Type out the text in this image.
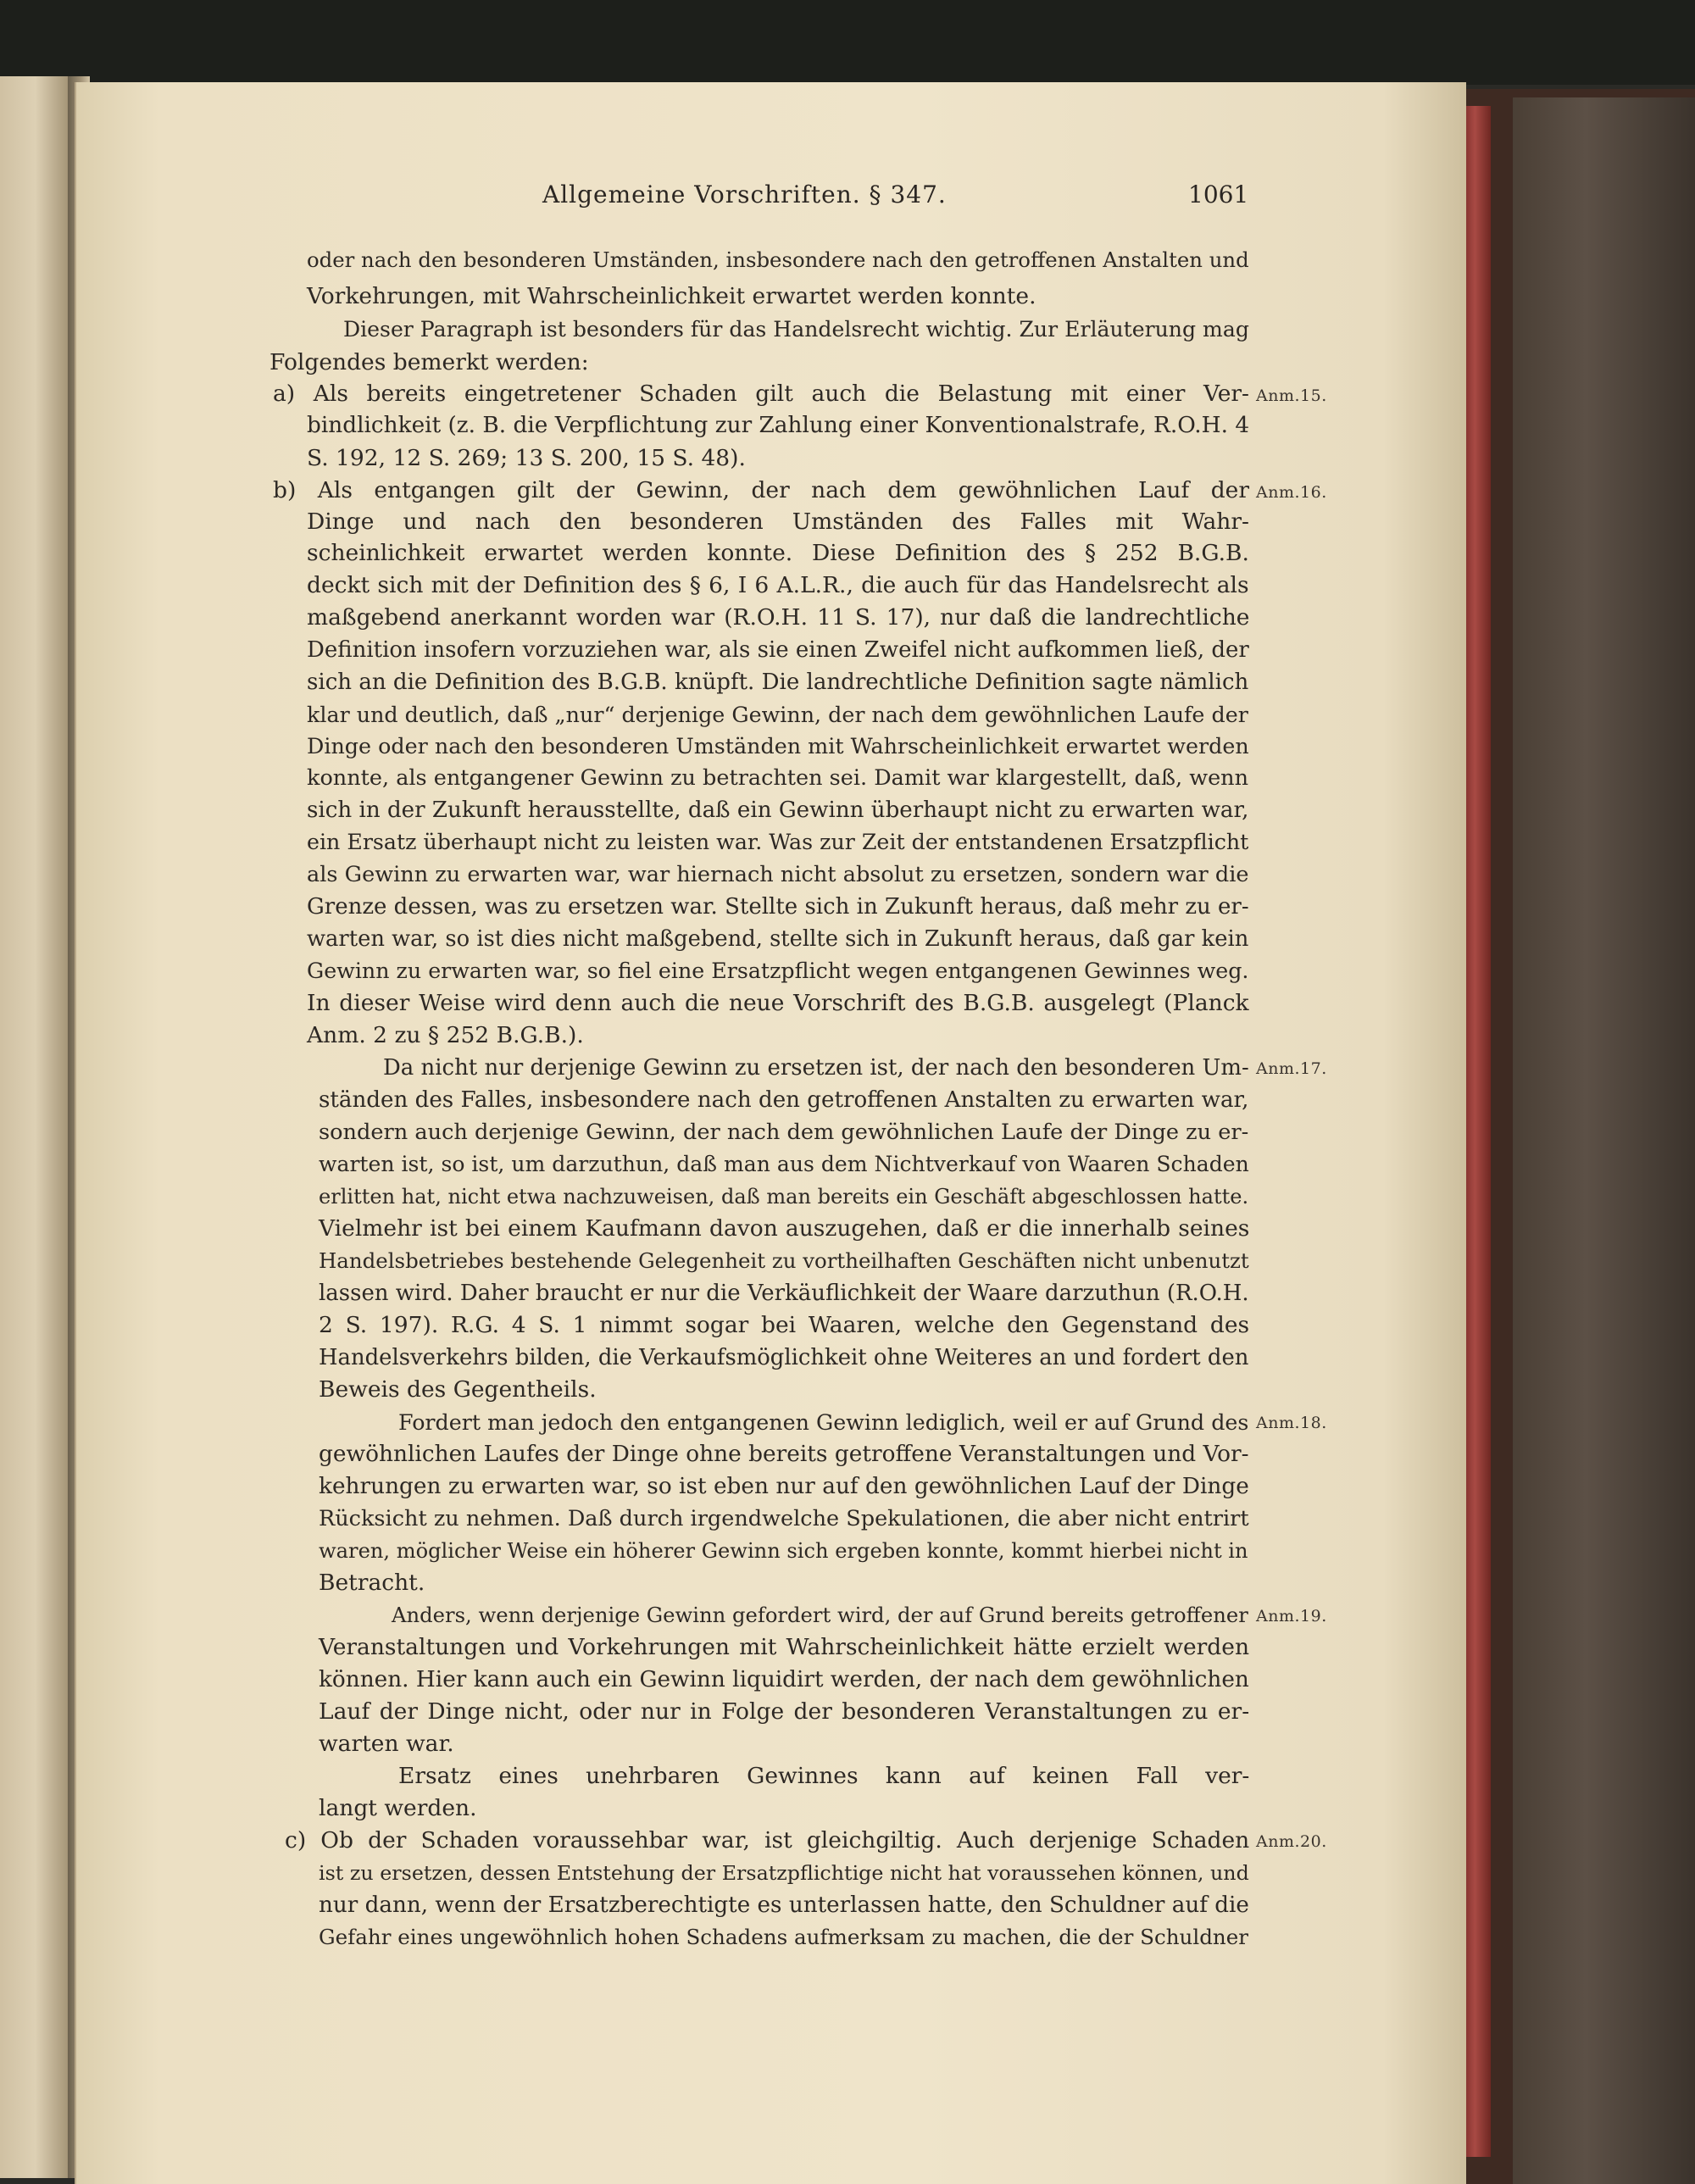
Allgemeine Vorschriften. § 347.	1061
oder nach den besonderen Umständen, insbesondere nach den getroffenen Anstalten und
Vorkehrungen, mit Wahrscheinlichkeit erwartet werden konnte.
Dieser Paragraph ist besonders für das Handelsrecht wichtig. Zur Erläuterung mag
Folgendes bemerkt werden:
a) Als bereits eingetretener Schaden gilt auch die Belastung mit einer Ver-
bindlichkeit (z. B. die Verpflichtung zur Zahlung einer Konventionalstrafe, R.O.H. 4
S. 192, 12 S. 269; 13 S. 200, 15 S. 48).
b) Als entgangen gilt der Gewinn, der nach dem gewöhnlichen Lauf der
Dinge und nach den besonderen Umständen des Falles mit Wahr-
scheinlichkeit erwartet werden konnte. Diese Definition des § 252 B.G.B.
deckt sich mit der Definition des § 6, I 6 A.L.R., die auch für das Handelsrecht als
maßgebend anerkannt worden war (R.O.H. 11 S. 17), nur daß die landrechtliche
Definition insofern vorzuziehen war, als sie einen Zweifel nicht aufkommen ließ, der
sich an die Definition des B.G.B. knüpft. Die landrechtliche Definition sagte nämlich
klar und deutlich, daß „nur“ derjenige Gewinn, der nach dem gewöhnlichen Laufe der
Dinge oder nach den besonderen Umständen mit Wahrscheinlichkeit erwartet werden
konnte, als entgangener Gewinn zu betrachten sei. Damit war klargestellt, daß, wenn
sich in der Zukunft herausstellte, daß ein Gewinn überhaupt nicht zu erwarten war,
ein Ersatz überhaupt nicht zu leisten war. Was zur Zeit der entstandenen Ersatzpflicht
als Gewinn zu erwarten war, war hiernach nicht absolut zu ersetzen, sondern war die
Grenze dessen, was zu ersetzen war. Stellte sich in Zukunft heraus, daß mehr zu er-
warten war, so ist dies nicht maßgebend, stellte sich in Zukunft heraus, daß gar kein
Gewinn zu erwarten war, so fiel eine Ersatzpflicht wegen entgangenen Gewinnes weg.
In dieser Weise wird denn auch die neue Vorschrift des B.G.B. ausgelegt (Planck
Anm. 2 zu § 252 B.G.B.).
Da nicht nur derjenige Gewinn zu ersetzen ist, der nach den besonderen Um-
ständen des Falles, insbesondere nach den getroffenen Anstalten zu erwarten war,
sondern auch derjenige Gewinn, der nach dem gewöhnlichen Laufe der Dinge zu er-
warten ist, so ist, um darzuthun, daß man aus dem Nichtverkauf von Waaren Schaden
erlitten hat, nicht etwa nachzuweisen, daß man bereits ein Geschäft abgeschlossen hatte.
Vielmehr ist bei einem Kaufmann davon auszugehen, daß er die innerhalb seines
Handelsbetriebes bestehende Gelegenheit zu vortheilhaften Geschäften nicht unbenutzt
lassen wird. Daher braucht er nur die Verkäuflichkeit der Waare darzuthun (R.O.H.
2 S. 197). R.G. 4 S. 1 nimmt sogar bei Waaren, welche den Gegenstand des
Handelsverkehrs bilden, die Verkaufsmöglichkeit ohne Weiteres an und fordert den
Beweis des Gegentheils.
Fordert man jedoch den entgangenen Gewinn lediglich, weil er auf Grund des
gewöhnlichen Laufes der Dinge ohne bereits getroffene Veranstaltungen und Vor-
kehrungen zu erwarten war, so ist eben nur auf den gewöhnlichen Lauf der Dinge
Rücksicht zu nehmen. Daß durch irgendwelche Spekulationen, die aber nicht entrirt
waren, möglicher Weise ein höherer Gewinn sich ergeben konnte, kommt hierbei nicht in
Betracht.
Anders, wenn derjenige Gewinn gefordert wird, der auf Grund bereits getroffener
Veranstaltungen und Vorkehrungen mit Wahrscheinlichkeit hätte erzielt werden
können. Hier kann auch ein Gewinn liquidirt werden, der nach dem gewöhnlichen
Lauf der Dinge nicht, oder nur in Folge der besonderen Veranstaltungen zu er-
warten war.
Ersatz eines unehrbaren Gewinnes kann auf keinen Fall ver-
langt werden.
c) Ob der Schaden voraussehbar war, ist gleichgiltig. Auch derjenige Schaden
ist zu ersetzen, dessen Entstehung der Ersatzpflichtige nicht hat voraussehen können, und
nur dann, wenn der Ersatzberechtigte es unterlassen hatte, den Schuldner auf die
Gefahr eines ungewöhnlich hohen Schadens aufmerksam zu machen, die der Schuldner
Anm.15.
Anm.16.
Anm.17.
Anm.18.
Anm.19.
Anm.20.
